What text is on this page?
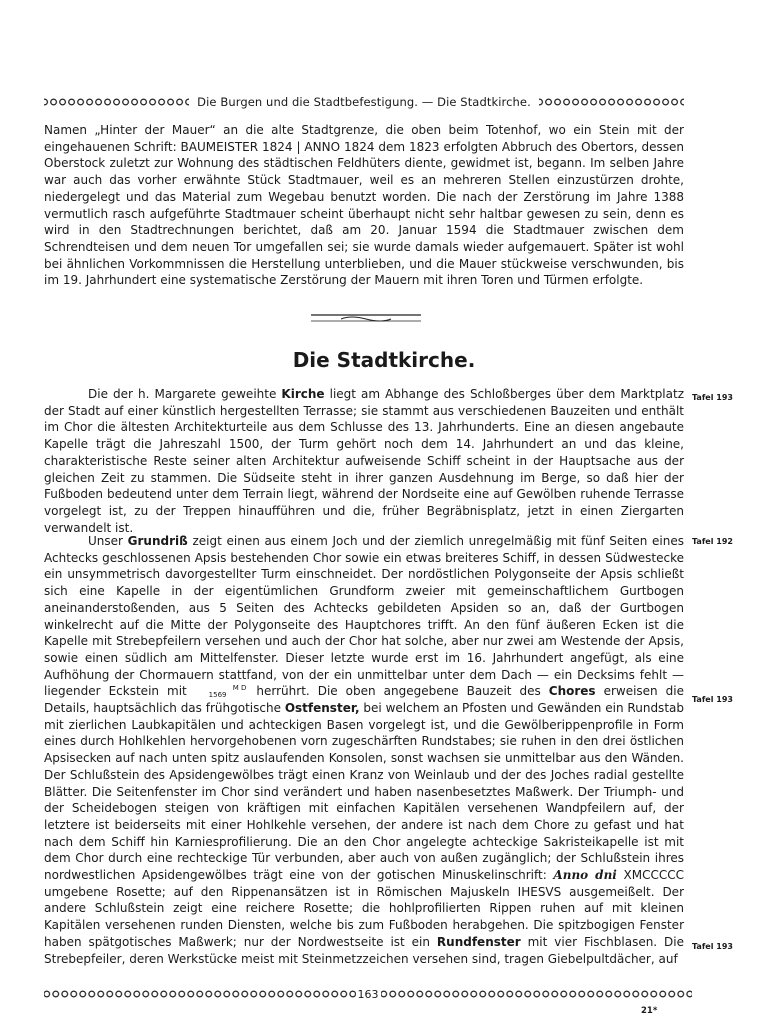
Die Burgen und die Stadtbefestigung. — Die Stadtkirche.

Namen „Hinter der Mauer“ an die alte Stadtgrenze, die oben beim Totenhof, wo ein Stein mit der eingehauenen Schrift: BAUMEISTER 1824 | ANNO 1824 dem 1823 erfolgten Abbruch des Obertors, dessen Oberstock zuletzt zur Wohnung des städtischen Feldhüters diente, gewidmet ist, begann. Im selben Jahre war auch das vorher erwähnte Stück Stadtmauer, weil es an mehreren Stellen einzustürzen drohte, niedergelegt und das Material zum Wegebau benutzt worden. Die nach der Zerstörung im Jahre 1388 vermutlich rasch aufgeführte Stadtmauer scheint überhaupt nicht sehr haltbar gewesen zu sein, denn es wird in den Stadtrechnungen berichtet, daß am 20. Januar 1594 die Stadtmauer zwischen dem Schrendteisen und dem neuen Tor umgefallen sei; sie wurde damals wieder aufgemauert. Später ist wohl bei ähnlichen Vorkommnissen die Herstellung unterblieben, und die Mauer stückweise verschwunden, bis im 19. Jahrhundert eine systematische Zerstörung der Mauern mit ihren Toren und Türmen erfolgte.

Die Stadtkirche.

Die der h. Margarete geweihte Kirche liegt am Abhange des Schloßberges über dem Marktplatz der Stadt auf einer künstlich hergestellten Terrasse; sie stammt aus verschiedenen Bauzeiten und enthält im Chor die ältesten Architekturteile aus dem Schlusse des 13. Jahrhunderts. Eine an diesen angebaute Kapelle trägt die Jahreszahl 1500, der Turm gehört noch dem 14. Jahrhundert an und das kleine, charakteristische Reste seiner alten Architektur aufweisende Schiff scheint in der Hauptsache aus der gleichen Zeit zu stammen. Die Südseite steht in ihrer ganzen Ausdehnung im Berge, so daß hier der Fußboden bedeutend unter dem Terrain liegt, während der Nordseite eine auf Gewölben ruhende Terrasse vorgelegt ist, zu der Treppen hinaufführen und die, früher Begräbnisplatz, jetzt in einen Ziergarten verwandelt ist.

Unser Grundriß zeigt einen aus einem Joch und der ziemlich unregelmäßig mit fünf Seiten eines Achtecks geschlossenen Apsis bestehenden Chor sowie ein etwas breiteres Schiff, in dessen Südwestecke ein unsymmetrisch davorgestellter Turm einschneidet. Der nordöstlichen Polygonseite der Apsis schließt sich eine Kapelle in der eigentümlichen Grundform zweier mit gemeinschaftlichem Gurtbogen aneinanderstoßenden, aus 5 Seiten des Achtecks gebildeten Apsiden so an, daß der Gurtbogen winkelrecht auf die Mitte der Polygonseite des Hauptchores trifft. An den fünf äußeren Ecken ist die Kapelle mit Strebepfeilern versehen und auch der Chor hat solche, aber nur zwei am Westende der Apsis, sowie einen südlich am Mittelfenster. Dieser letzte wurde erst im 16. Jahrhundert angefügt, als eine Aufhöhung der Chormauern stattfand, von der ein unmittelbar unter dem Dach — ein Decksims fehlt — liegender Eckstein mit	M D
1569 herrührt. Die oben angegebene Bauzeit des Chores erweisen die Details, hauptsächlich das frühgotische Ostfenster, bei welchem an Pfosten und Gewänden ein Rundstab mit zierlichen Laubkapitälen und achteckigen Basen vorgelegt ist, und die Gewölberippenprofile in Form eines durch Hohlkehlen hervorgehobenen vorn zugeschärften Rundstabes; sie ruhen in den drei östlichen Apsisecken auf nach unten spitz auslaufenden Konsolen, sonst wachsen sie unmittelbar aus den Wänden. Der Schlußstein des Apsidengewölbes trägt einen Kranz von Weinlaub und der des Joches radial gestellte Blätter. Die Seitenfenster im Chor sind verändert und haben nasenbesetztes Maßwerk. Der Triumph- und der Scheidebogen steigen von kräftigen mit einfachen Kapitälen versehenen Wandpfeilern auf, der letztere ist beiderseits mit einer Hohlkehle versehen, der andere ist nach dem Chore zu gefast und hat nach dem Schiff hin Karniesprofilierung. Die an den Chor angelegte achteckige Sakristeikapelle ist mit dem Chor durch eine rechteckige Tür verbunden, aber auch von außen zugänglich; der Schlußstein ihres nordwestlichen Apsidengewölbes trägt eine von der gotischen Minuskelinschrift: Anno dni XMCCCCC umgebene Rosette; auf den Rippenansätzen ist in Römischen Majuskeln IHESVS ausgemeißelt. Der andere Schlußstein zeigt eine reichere Rosette; die hohlprofilierten Rippen ruhen auf mit kleinen Kapitälen versehenen runden Diensten, welche bis zum Fußboden herabgehen. Die spitzbogigen Fenster haben spätgotisches Maßwerk; nur der Nordwestseite ist ein Rundfenster mit vier Fischblasen. Die Strebepfeiler, deren Werkstücke meist mit Steinmetzzeichen versehen sind, tragen Giebelpultdächer, auf

Tafel 193
Tafel 192
Tafel 193
Tafel 193
163
21*
